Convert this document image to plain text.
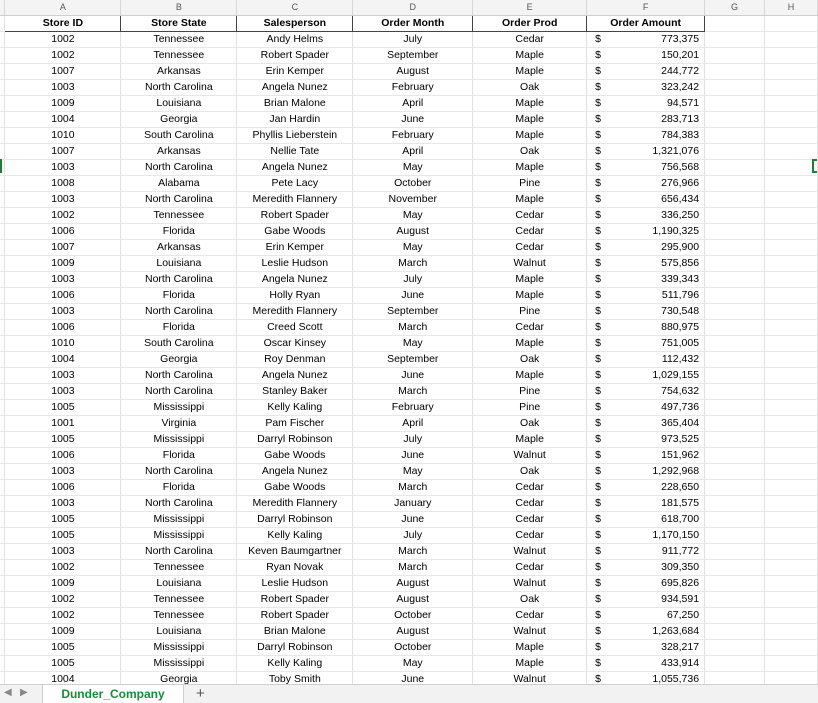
	A	B	C	D	E	F	G	H
	Store ID	Store State	Salesperson	Order Month	Order Prod	Order Amount		
	1002	Tennessee	Andy Helms	July	Cedar	$ 773,375		

	1002	Tennessee	Robert Spader	September	Maple	$ 150,201		

	1007	Arkansas	Erin Kemper	August	Maple	$ 244,772		

	1003	North Carolina	Angela Nunez	February	Oak	$ 323,242		

	1009	Louisiana	Brian Malone	April	Maple	$ 94,571		

	1004	Georgia	Jan Hardin	June	Maple	$ 283,713		

	1010	South Carolina	Phyllis Lieberstein	February	Maple	$ 784,383		

	1007	Arkansas	Nellie Tate	April	Oak	$ 1,321,076		

	1003	North Carolina	Angela Nunez	May	Maple	$ 756,568		

	1008	Alabama	Pete Lacy	October	Pine	$ 276,966		

	1003	North Carolina	Meredith Flannery	November	Maple	$ 656,434		

	1002	Tennessee	Robert Spader	May	Cedar	$ 336,250		

	1006	Florida	Gabe Woods	August	Cedar	$ 1,190,325		

	1007	Arkansas	Erin Kemper	May	Cedar	$ 295,900		

	1009	Louisiana	Leslie Hudson	March	Walnut	$ 575,856		

	1003	North Carolina	Angela Nunez	July	Maple	$ 339,343		

	1006	Florida	Holly Ryan	June	Maple	$ 511,796		

	1003	North Carolina	Meredith Flannery	September	Pine	$ 730,548		

	1006	Florida	Creed Scott	March	Cedar	$ 880,975		

	1010	South Carolina	Oscar Kinsey	May	Maple	$ 751,005		

	1004	Georgia	Roy Denman	September	Oak	$ 112,432		

	1003	North Carolina	Angela Nunez	June	Maple	$ 1,029,155		

	1003	North Carolina	Stanley Baker	March	Pine	$ 754,632		

	1005	Mississippi	Kelly Kaling	February	Pine	$ 497,736		

	1001	Virginia	Pam Fischer	April	Oak	$ 365,404		

	1005	Mississippi	Darryl Robinson	July	Maple	$ 973,525		

	1006	Florida	Gabe Woods	June	Walnut	$ 151,962		

	1003	North Carolina	Angela Nunez	May	Oak	$ 1,292,968		

	1006	Florida	Gabe Woods	March	Cedar	$ 228,650		

	1003	North Carolina	Meredith Flannery	January	Cedar	$ 181,575		

	1005	Mississippi	Darryl Robinson	June	Cedar	$ 618,700		

	1005	Mississippi	Kelly Kaling	July	Cedar	$ 1,170,150		

	1003	North Carolina	Keven Baumgartner	March	Walnut	$ 911,772		

	1002	Tennessee	Ryan Novak	March	Cedar	$ 309,350		

	1009	Louisiana	Leslie Hudson	August	Walnut	$ 695,826		

	1002	Tennessee	Robert Spader	August	Oak	$ 934,591		

	1002	Tennessee	Robert Spader	October	Cedar	$ 67,250		

	1009	Louisiana	Brian Malone	August	Walnut	$ 1,263,684		

	1005	Mississippi	Darryl Robinson	October	Maple	$ 328,217		

	1005	Mississippi	Kelly Kaling	May	Maple	$ 433,914		

	1004	Georgia	Toby Smith	June	Walnut	$ 1,055,736		

◀ ▶	Dunder_Company	+
